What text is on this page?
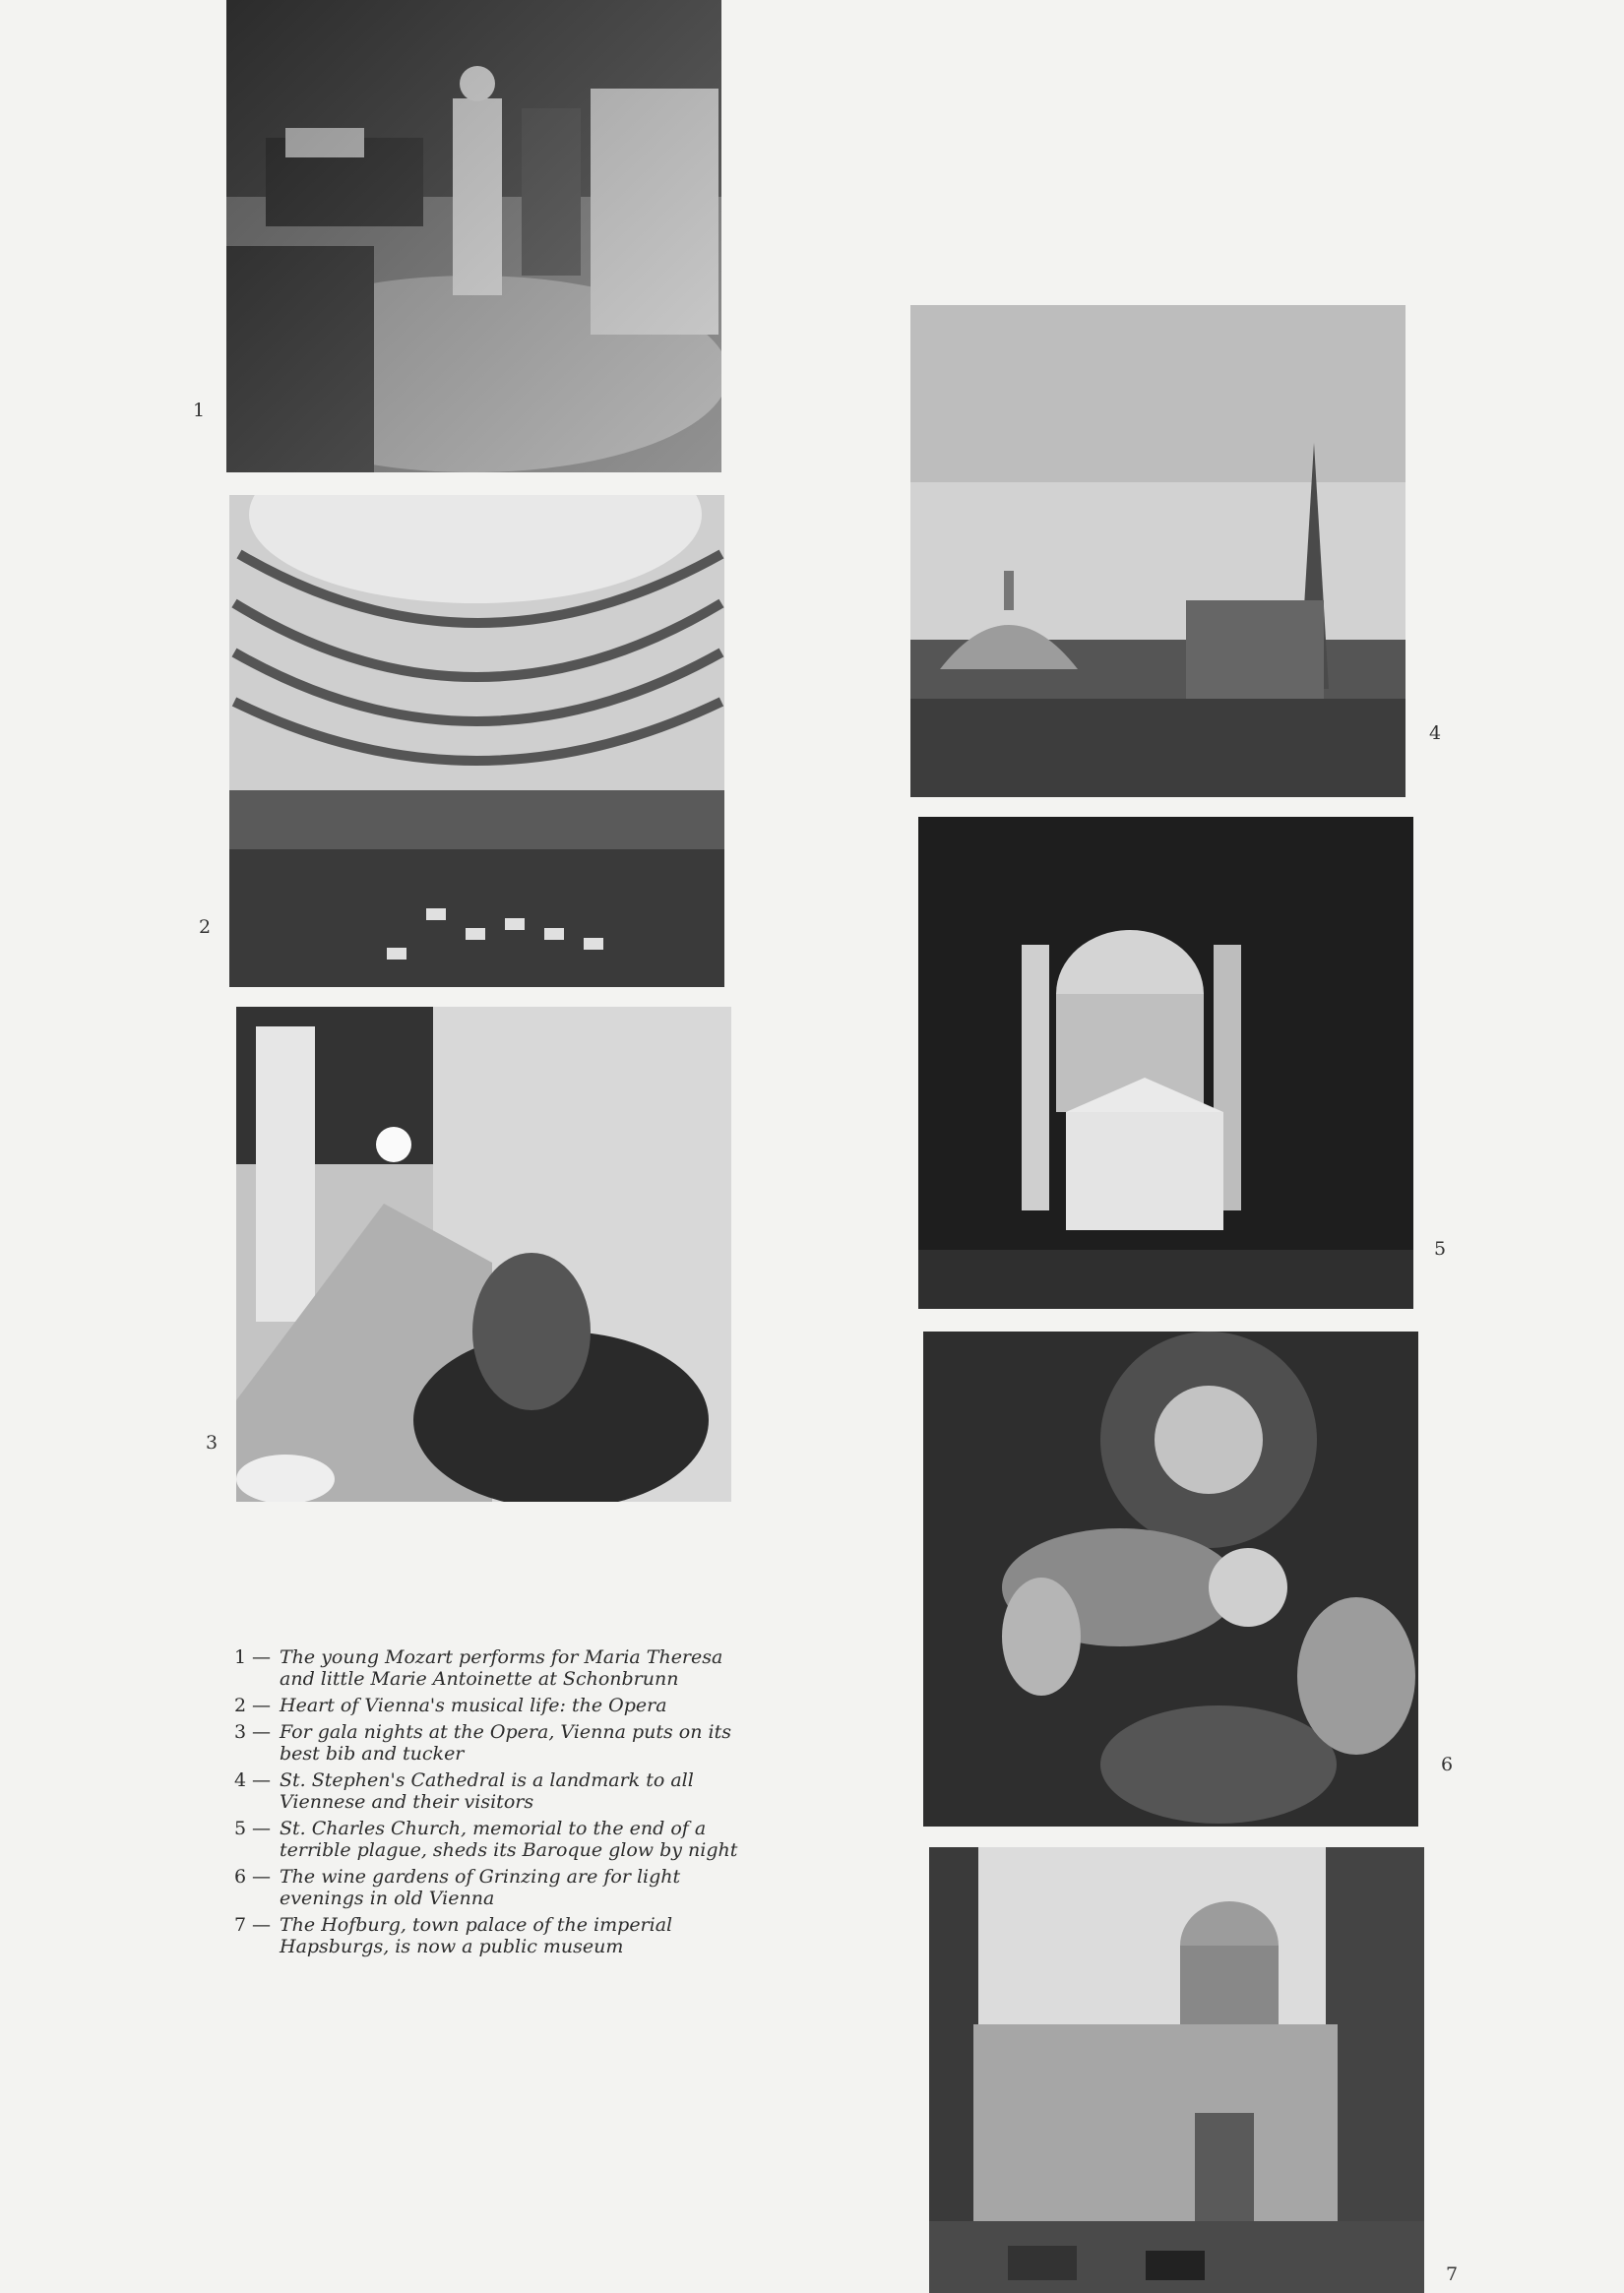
1
2
3
4
5
6
7
1 — The young Mozart performs for Maria Theresa and little Marie Antoinette at Schonbrunn
2 — Heart of Vienna's musical life: the Opera
3 — For gala nights at the Opera, Vienna puts on its best bib and tucker
4 — St. Stephen's Cathedral is a landmark to all Viennese and their visitors
5 — St. Charles Church, memorial to the end of a terrible plague, sheds its Baroque glow by night
6 — The wine gardens of Grinzing are for light evenings in old Vienna
7 — The Hofburg, town palace of the imperial Hapsburgs, is now a public museum
